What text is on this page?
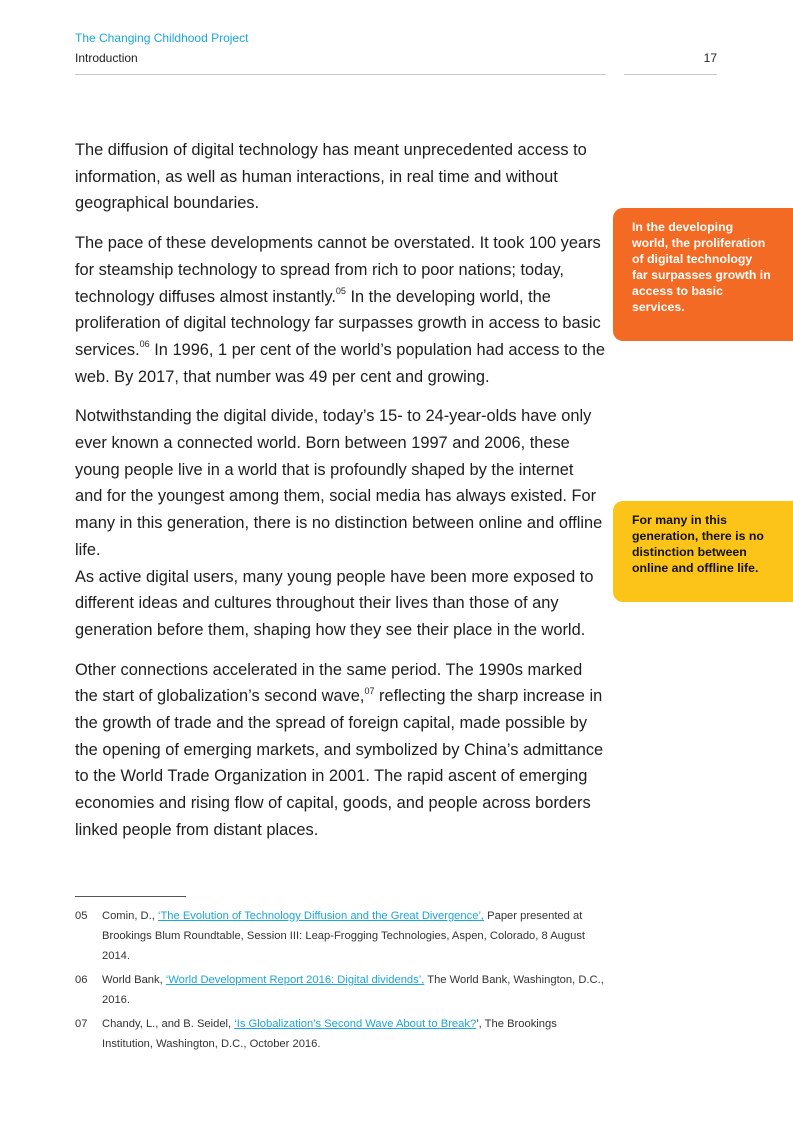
The Changing Childhood Project
Introduction	17

The diffusion of digital technology has meant unprecedented access to information, as well as human interactions, in real time and without geographical boundaries.

The pace of these developments cannot be overstated. It took 100 years for steamship technology to spread from rich to poor nations; today, technology diffuses almost instantly.$^{05}$ In the developing world, the proliferation of digital technology far surpasses growth in access to basic services.$^{06}$ In 1996, 1 per cent of the world’s population had access to the web. By 2017, that number was 49 per cent and growing.

Notwithstanding the digital divide, today’s 15- to 24-year-olds have only ever known a connected world. Born between 1997 and 2006, these young people live in a world that is profoundly shaped by the internet and for the youngest among them, social media has always existed. For many in this generation, there is no distinction between online and offline life.
As active digital users, many young people have been more exposed to different ideas and cultures throughout their lives than those of any generation before them, shaping how they see their place in the world.

Other connections accelerated in the same period. The 1990s marked the start of globalization’s second wave,$^{07}$ reflecting the sharp increase in the growth of trade and the spread of foreign capital, made possible by the opening of emerging markets, and symbolized by China’s admittance to the World Trade Organization in 2001. The rapid ascent of emerging economies and rising flow of capital, goods, and people across borders linked people from distant places.

In the developing world, the proliferation of digital technology far surpasses growth in access to basic services.
For many in this generation, there is no distinction between online and offline life.
05	Comin, D., ‘The Evolution of Technology Diffusion and the Great Divergence’, Paper presented at Brookings Blum Roundtable, Session III: Leap-Frogging Technologies, Aspen, Colorado, 8 August 2014.
06	World Bank, ‘World Development Report 2016: Digital dividends’, The World Bank, Washington, D.C., 2016.
07	Chandy, L., and B. Seidel, ‘Is Globalization’s Second Wave About to Break?’, The Brookings Institution, Washington, D.C., October 2016.
